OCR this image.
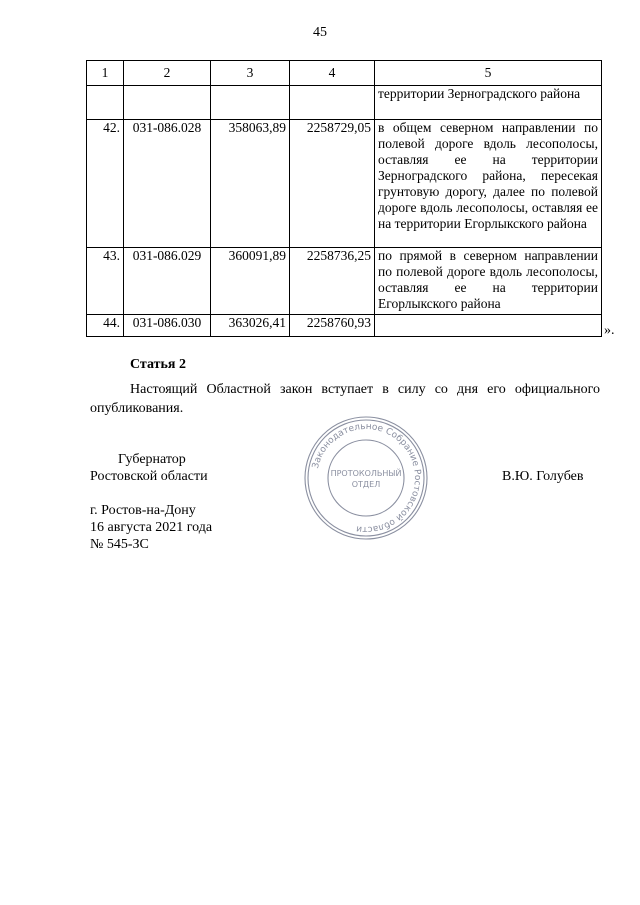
45
1	2	3	4	5
				территории Зерноградского района
42.	031-086.028	358063,89	2258729,05	в общем северном направлении по полевой дороге вдоль лесополосы, оставляя ее на территории Зерноградского района, пересекая грунтовую дорогу, далее по полевой дороге вдоль лесополосы, оставляя ее на территории Егорлыкского района
43.	031-086.029	360091,89	2258736,25	по прямой в северном направлении по полевой дороге вдоль лесополосы, оставляя ее на территории Егорлыкского района
44.	031-086.030	363026,41	2258760,93	
».
Статья 2
Настоящий Областной закон вступает в силу со дня его официального опубликования.
Губернатор
Ростовской области	В.Ю. Голубев
г. Ростов-на-Дону
16 августа 2021 года
№ 545-ЗС
Законодательное Собрание Ростовской области
ПРОТОКОЛЬНЫЙ
ОТДЕЛ
